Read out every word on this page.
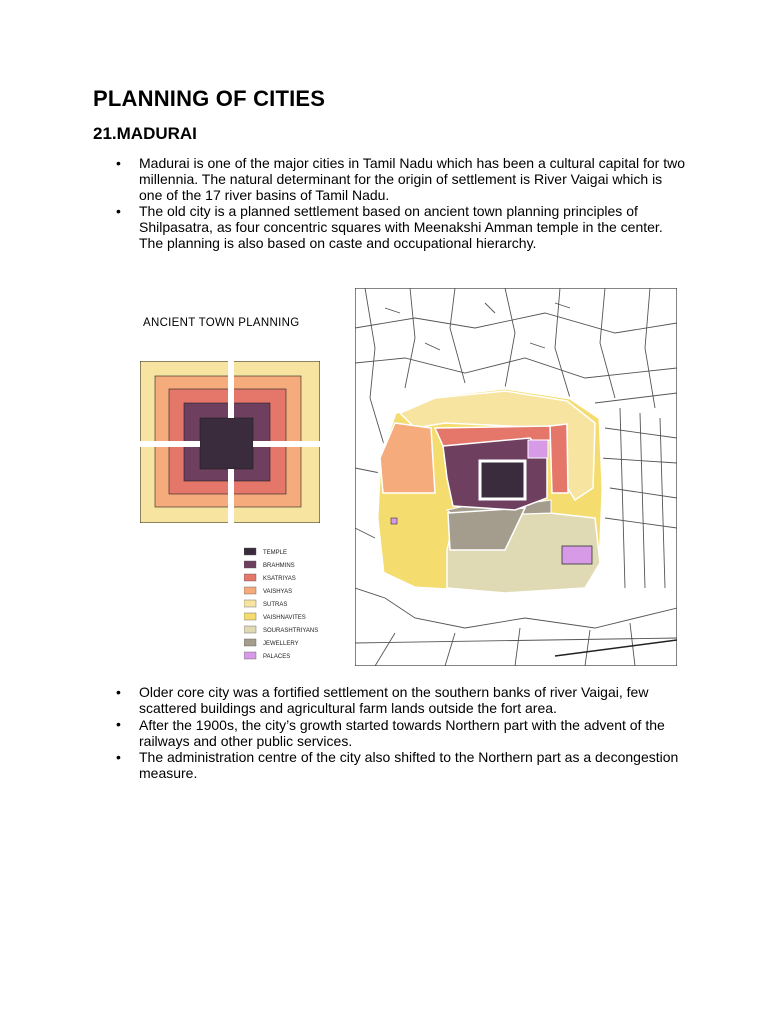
PLANNING OF CITIES
21.MADURAI
• Madurai is one of the major cities in Tamil Nadu which has been a cultural capital for two millennia. The natural determinant for the origin of settlement is River Vaigai which is one of the 17 river basins of Tamil Nadu.
• The old city is a planned settlement based on ancient town planning principles of Shilpasatra, as four concentric squares with Meenakshi Amman temple in the center. The planning is also based on caste and occupational hierarchy.
ANCIENT TOWN PLANNING
TEMPLE
BRAHMINS
KSATRIYAS
VAISHYAS
SUTRAS
VAISHNAVITES
SOURASHTRIYANS
JEWELLERY
PALACES
• Older core city was a fortified settlement on the southern banks of river Vaigai, few scattered buildings and agricultural farm lands outside the fort area.
• After the 1900s, the city’s growth started towards Northern part with the advent of the railways and other public services.
• The administration centre of the city also shifted to the Northern part as a decongestion measure.
